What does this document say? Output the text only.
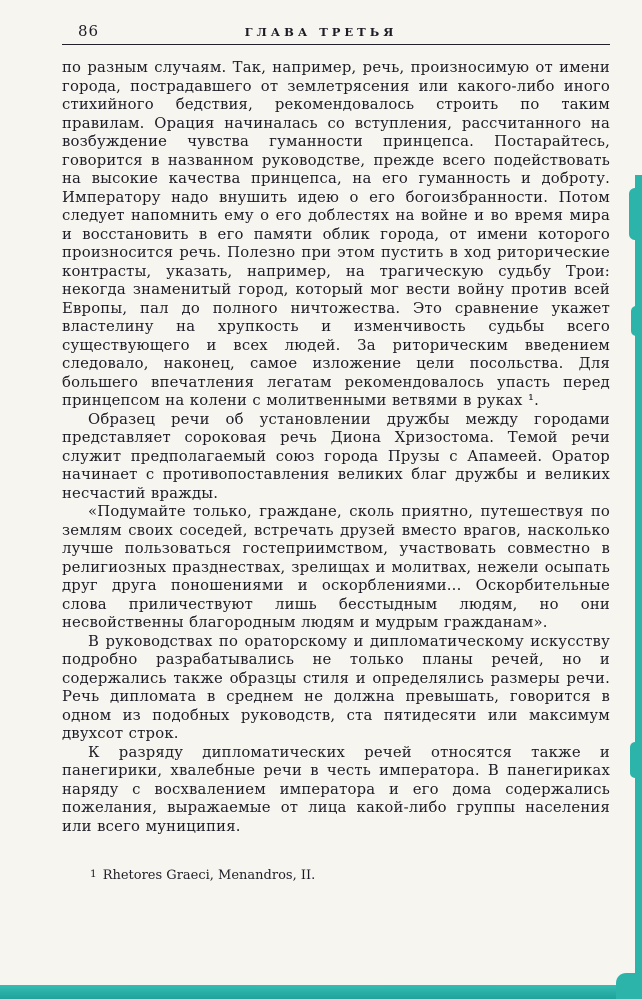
86	ГЛАВА ТРЕТЬЯ

по разным случаям. Так, например, речь, произносимую от имени города, пострадавшего от землетрясения или какого-либо иного стихийного бедствия, рекомендовалось строить по таким правилам. Орация начиналась со вступления, рассчитанного на возбуждение чувства гуманности принцепса. Постарайтесь, говорится в названном руководстве, прежде всего подействовать на высокие качества принцепса, на его гуманность и доброту. Императору надо внушить идею о его богоизбранности. Потом следует напомнить ему о его доблестях на войне и во время мира и восстановить в его памяти облик города, от имени которого произносится речь. Полезно при этом пустить в ход риторические контрасты, указать, например, на трагическую судьбу Трои: некогда знаменитый город, который мог вести войну против всей Европы, пал до полного ничтожества. Это сравнение укажет властелину на хрупкость и изменчивость судьбы всего существующего и всех людей. За риторическим введением следовало, наконец, самое изложение цели посольства. Для большего впечатления легатам рекомендовалось упасть перед принцепсом на колени с молитвенными ветвями в руках ¹.

Образец речи об установлении дружбы между городами представляет сороковая речь Диона Хризостома. Темой речи служит предполагаемый союз города Прузы с Апамеей. Оратор начинает с противопоставления великих благ дружбы и великих несчастий вражды.

«Подумайте только, граждане, сколь приятно, путешествуя по землям своих соседей, встречать друзей вместо врагов, насколько лучше пользоваться гостеприимством, участвовать совместно в религиозных празднествах, зрелищах и молитвах, нежели осыпать друг друга поношениями и оскорблениями... Оскорбительные слова приличествуют лишь бесстыдным людям, но они несвойственны благородным людям и мудрым гражданам».

В руководствах по ораторскому и дипломатическому искусству подробно разрабатывались не только планы речей, но и содержались также образцы стиля и определялись размеры речи. Речь дипломата в среднем не должна превышать, говорится в одном из подобных руководств, ста пятидесяти или максимум двухсот строк.

К разряду дипломатических речей относятся также и панегирики, хвалебные речи в честь императора. В панегириках наряду с восхвалением императора и его дома содержались пожелания, выражаемые от лица какой-либо группы населения или всего муниципия.

1 Rhetores Graeci, Menandros, II.
